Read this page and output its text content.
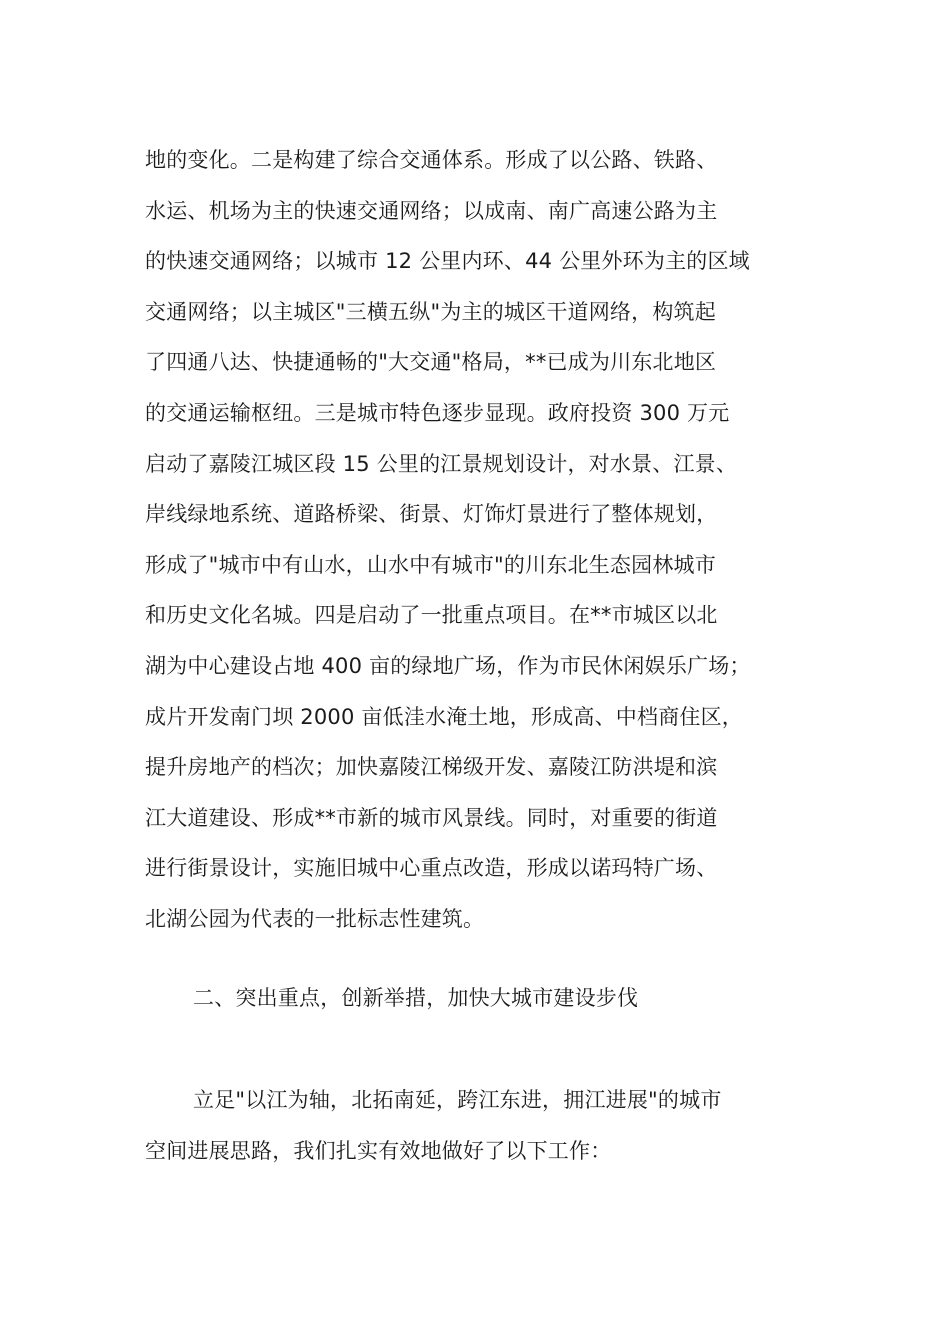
地的变化。二是构建了综合交通体系。形成了以公路、铁路、
水运、机场为主的快速交通网络；以成南、南广高速公路为主
的快速交通网络；以城市 12 公里内环、44 公里外环为主的区域
交通网络；以主城区"三横五纵"为主的城区干道网络，构筑起
了四通八达、快捷通畅的"大交通"格局，**已成为川东北地区
的交通运输枢纽。三是城市特色逐步显现。政府投资 300 万元
启动了嘉陵江城区段 15 公里的江景规划设计，对水景、江景、
岸线绿地系统、道路桥梁、街景、灯饰灯景进行了整体规划，
形成了"城市中有山水，山水中有城市"的川东北生态园林城市
和历史文化名城。四是启动了一批重点项目。在**市城区以北
湖为中心建设占地 400 亩的绿地广场，作为市民休闲娱乐广场；
成片开发南门坝 2000 亩低洼水淹土地，形成高、中档商住区，
提升房地产的档次；加快嘉陵江梯级开发、嘉陵江防洪堤和滨
江大道建设、形成**市新的城市风景线。同时，对重要的街道
进行街景设计，实施旧城中心重点改造，形成以诺玛特广场、
北湖公园为代表的一批标志性建筑。
二、突出重点，创新举措，加快大城市建设步伐
立足"以江为轴，北拓南延，跨江东进，拥江进展"的城市
空间进展思路，我们扎实有效地做好了以下工作：
